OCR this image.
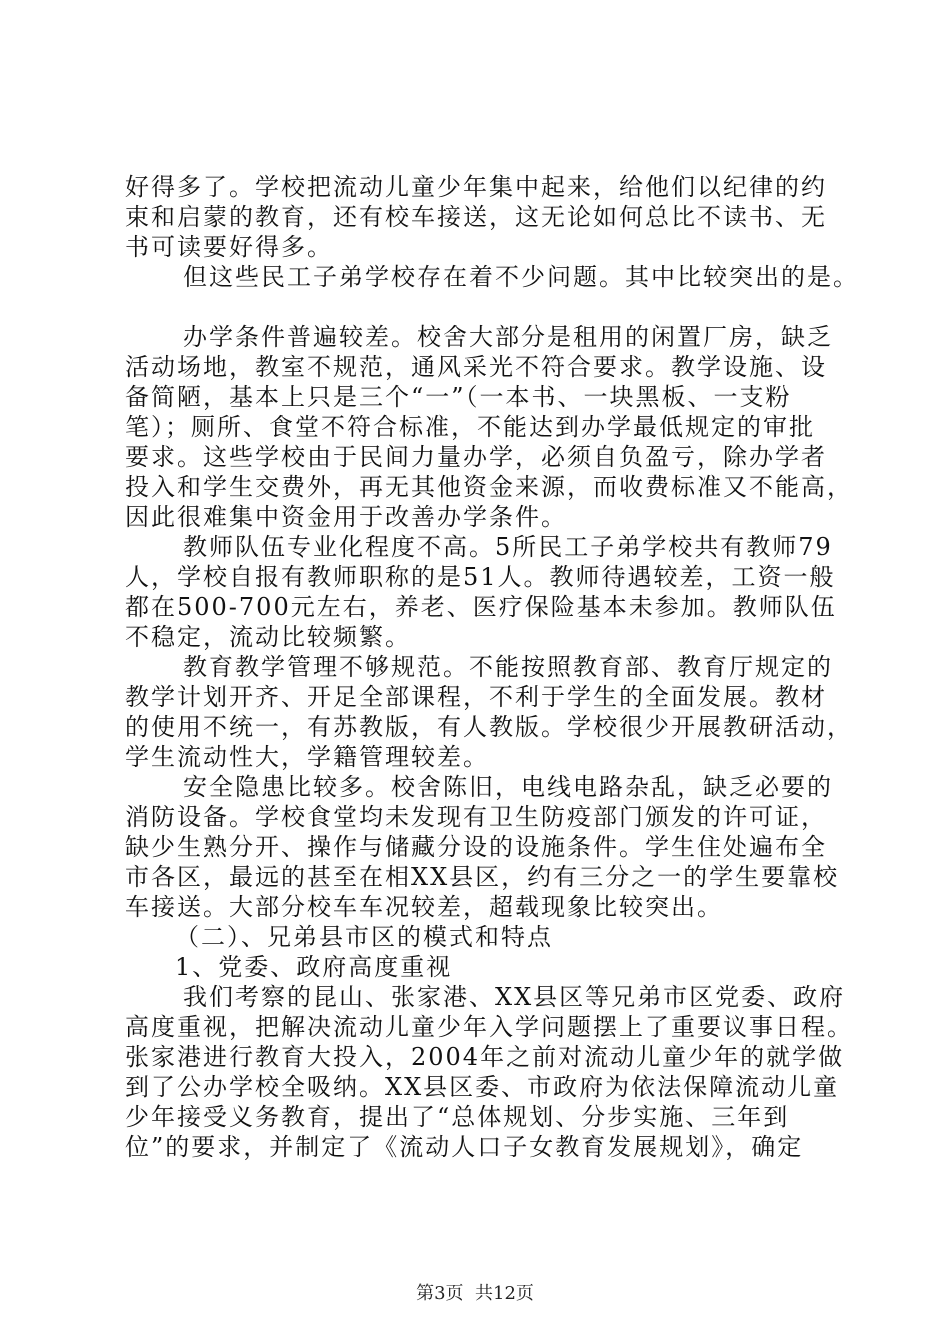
好得多了。学校把流动儿童少年集中起来，给他们以纪律的约
束和启蒙的教育，还有校车接送，这无论如何总比不读书、无
书可读要好得多。
但这些民工子弟学校存在着不少问题。其中比较突出的是。
办学条件普遍较差。校舍大部分是租用的闲置厂房，缺乏
活动场地，教室不规范，通风采光不符合要求。教学设施、设
备简陋，基本上只是三个“一”（一本书、一块黑板、一支粉
笔）；厕所、食堂不符合标准，不能达到办学最低规定的审批
要求。这些学校由于民间力量办学，必须自负盈亏，除办学者
投入和学生交费外，再无其他资金来源，而收费标准又不能高，
因此很难集中资金用于改善办学条件。
教师队伍专业化程度不高。5所民工子弟学校共有教师79
人，学校自报有教师职称的是51人。教师待遇较差，工资一般
都在500-700元左右，养老、医疗保险基本未参加。教师队伍
不稳定，流动比较频繁。
教育教学管理不够规范。不能按照教育部、教育厅规定的
教学计划开齐、开足全部课程，不利于学生的全面发展。教材
的使用不统一，有苏教版，有人教版。学校很少开展教研活动，
学生流动性大，学籍管理较差。
安全隐患比较多。校舍陈旧，电线电路杂乱，缺乏必要的
消防设备。学校食堂均未发现有卫生防疫部门颁发的许可证，
缺少生熟分开、操作与储藏分设的设施条件。学生住处遍布全
市各区，最远的甚至在相XX县区，约有三分之一的学生要靠校
车接送。大部分校车车况较差，超载现象比较突出。
（二）、兄弟县市区的模式和特点
1、党委、政府高度重视
我们考察的昆山、张家港、XX县区等兄弟市区党委、政府
高度重视，把解决流动儿童少年入学问题摆上了重要议事日程。
张家港进行教育大投入，2004年之前对流动儿童少年的就学做
到了公办学校全吸纳。XX县区委、市政府为依法保障流动儿童
少年接受义务教育，提出了“总体规划、分步实施、三年到
位”的要求，并制定了《流动人口子女教育发展规划》，确定
第3页  共12页
